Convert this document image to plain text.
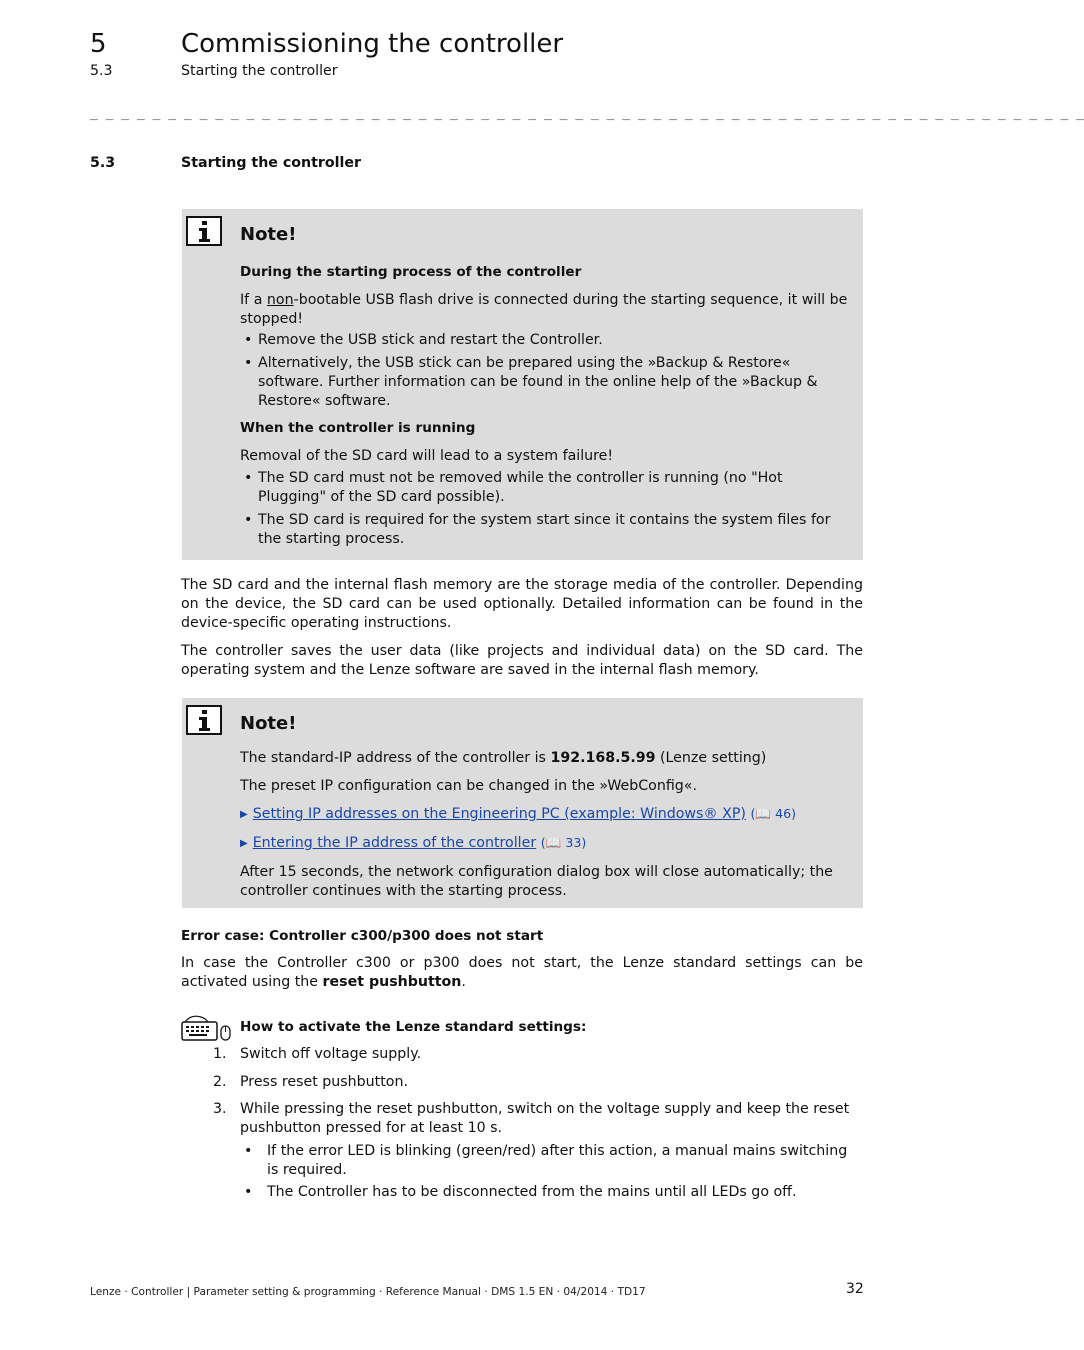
5	Commissioning the controller
5.3	Starting the controller
_ _ _ _ _ _ _ _ _ _ _ _ _ _ _ _ _ _ _ _ _ _ _ _ _ _ _ _ _ _ _ _ _ _ _ _ _ _ _ _ _ _ _ _ _ _ _ _ _ _ _ _ _ _ _ _ _ _ _ _ _ _ _ _
5.3	Starting the controller
Note!

During the starting process of the controller

If a non-bootable USB flash drive is connected during the starting sequence, it will be stopped!

• Remove the USB stick and restart the Controller.
• Alternatively, the USB stick can be prepared using the »Backup & Restore« software. Further information can be found in the online help of the »Backup & Restore« software.

When the controller is running

Removal of the SD card will lead to a system failure!

• The SD card must not be removed while the controller is running (no "Hot Plugging" of the SD card possible).
• The SD card is required for the system start since it contains the system files for the starting process.

The SD card and the internal flash memory are the storage media of the controller. Depending on the device, the SD card can be used optionally. Detailed information can be found in the device-specific operating instructions.

The controller saves the user data (like projects and individual data) on the SD card. The operating system and the Lenze software are saved in the internal flash memory.

Note!

The standard-IP address of the controller is 192.168.5.99 (Lenze setting)

The preset IP configuration can be changed in the »WebConfig«.

▶ Setting IP addresses on the Engineering PC (example: Windows® XP) (📖 46)

▶ Entering the IP address of the controller (📖 33)

After 15 seconds, the network configuration dialog box will close automatically; the controller continues with the starting process.

Error case: Controller c300/p300 does not start

In case the Controller c300 or p300 does not start, the Lenze standard settings can be activated using the reset pushbutton.

How to activate the Lenze standard settings:

1. Switch off voltage supply.
2. Press reset pushbutton.
3. While pressing the reset pushbutton, switch on the voltage supply and keep the reset pushbutton pressed for at least 10 s.
• If the error LED is blinking (green/red) after this action, a manual mains switching is required.
• The Controller has to be disconnected from the mains until all LEDs go off.
Lenze · Controller | Parameter setting & programming · Reference Manual · DMS 1.5 EN · 04/2014 · TD17	32
